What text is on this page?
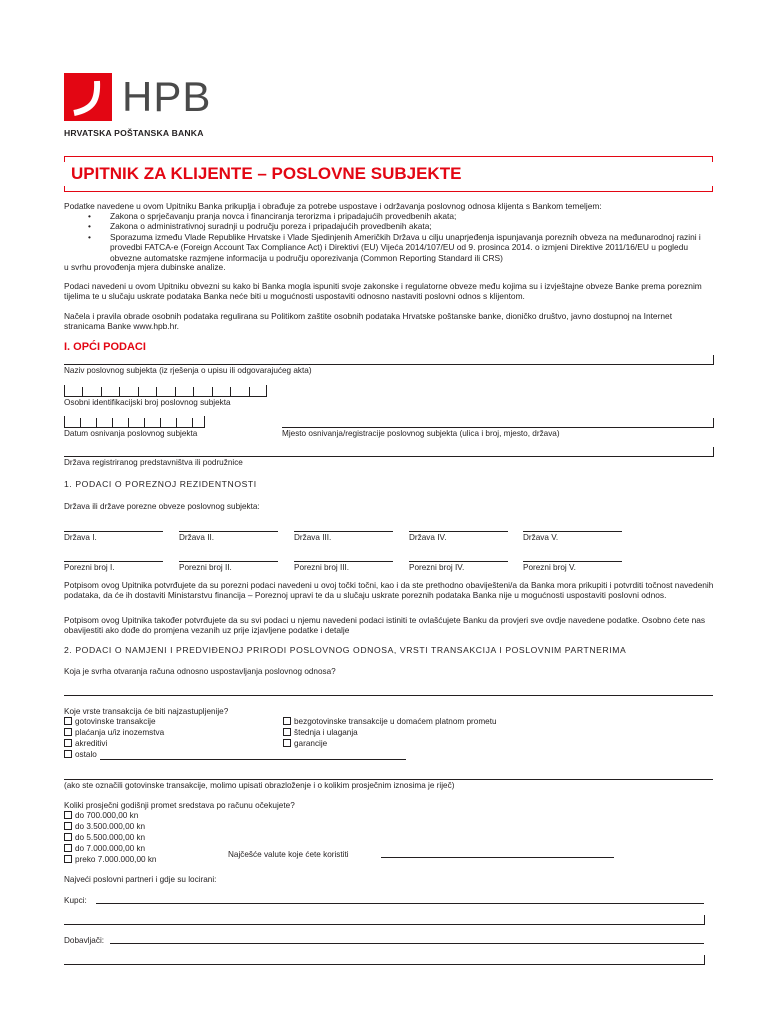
HPB
HRVATSKA POŠTANSKA BANKA
UPITNIK ZA KLIJENTE – POSLOVNE SUBJEKTE
Podatke navedene u ovom Upitniku Banka prikuplja i obrađuje za potrebe uspostave i održavanja poslovnog odnosa klijenta s Bankom temeljem:
• Zakona o sprječavanju pranja novca i financiranja terorizma i pripadajućih provedbenih akata;
• Zakona o administrativnoj suradnji u području poreza i pripadajućih provedbenih akata;
• Sporazuma između Vlade Republike Hrvatske i Vlade Sjedinjenih Američkih Država u cilju unaprjeđenja ispunjavanja poreznih obveza na međunarodnoj razini i provedbi FATCA-e (Foreign Account Tax Compliance Act) i Direktivi (EU) Vijeća 2014/107/EU od 9. prosinca 2014. o izmjeni Direktive 2011/16/EU u pogledu obvezne automatske razmjene informacija u području oporezivanja (Common Reporting Standard ili CRS)
u svrhu provođenja mjera dubinske analize.
Podaci navedeni u ovom Upitniku obvezni su kako bi Banka mogla ispuniti svoje zakonske i regulatorne obveze među kojima su i izvještajne obveze Banke prema poreznim tijelima te u slučaju uskrate podataka Banka neće biti u mogućnosti uspostaviti odnosno nastaviti poslovni odnos s klijentom.
Načela i pravila obrade osobnih podataka regulirana su Politikom zaštite osobnih podataka Hrvatske poštanske banke, dioničko društvo, javno dostupnoj na Internet stranicama Banke www.hpb.hr.
I. OPĆI PODACI
Naziv poslovnog subjekta (iz rješenja o upisu ili odgovarajućeg akta)
Osobni identifikacijski broj poslovnog subjekta
Datum osnivanja poslovnog subjekta	Mjesto osnivanja/registracije poslovnog subjekta (ulica i broj, mjesto, država)
Država registriranog predstavništva ili podružnice
1. PODACI O POREZNOJ REZIDENTNOSTI
Država ili države porezne obveze poslovnog subjekta:
Država I.	Država II.	Država III.	Država IV.	Država V.
Porezni broj I.	Porezni broj II.	Porezni broj III.	Porezni broj IV.	Porezni broj V.
Potpisom ovog Upitnika potvrđujete da su porezni podaci navedeni u ovoj točki točni, kao i da ste prethodno obaviješteni/a da Banka mora prikupiti i potvrditi točnost navedenih podataka, da će ih dostaviti Ministarstvu financija – Poreznoj upravi te da u slučaju uskrate poreznih podataka Banka nije u mogućnosti uspostaviti poslovni odnos.
Potpisom ovog Upitnika također potvrđujete da su svi podaci u njemu navedeni podaci istiniti te ovlašćujete Banku da provjeri sve ovdje navedene podatke. Osobno ćete nas obavijestiti ako dođe do promjena vezanih uz prije izjavljene podatke i detalje
2. PODACI O NAMJENI I PREDVIĐENOJ PRIRODI POSLOVNOG ODNOSA, VRSTI TRANSAKCIJA I POSLOVNIM PARTNERIMA
Koja je svrha otvaranja računa odnosno uspostavljanja poslovnog odnosa?
Koje vrste transakcija će biti najzastupljenije?
gotovinske transakcije
plaćanja u/iz inozemstva
akreditivi
ostalo
bezgotovinske transakcije u domaćem platnom prometu
štednja i ulaganja
garancije
(ako ste označili gotovinske transakcije, molimo upisati obrazloženje i o kolikim prosječnim iznosima je riječ)
Koliki prosječni godišnji promet sredstava po računu očekujete?
do 700.000,00 kn
do 3.500.000,00 kn
do 5.500.000,00 kn
do 7.000.000,00 kn
preko 7.000.000,00 kn
Najčešće valute koje ćete koristiti
Najveći poslovni partneri i gdje su locirani:
Kupci:
Dobavljači:
